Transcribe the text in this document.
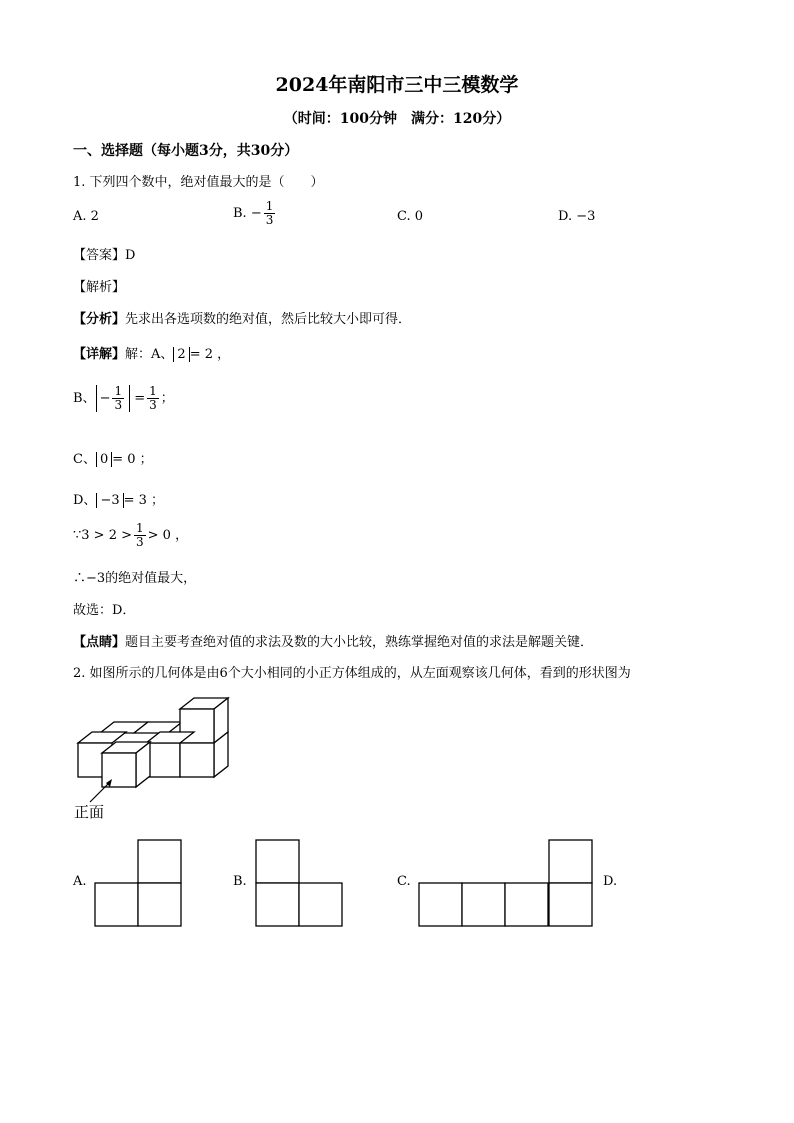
2024年南阳市三中三模数学
（时间：100分钟　满分：120分）
一、选择题（每小题3分，共30分）
1. 下列四个数中，绝对值最大的是（　　）
A. 2	B. − $\frac{1}{3}$	C. 0	D. −3
【答案】D
【解析】
【分析】先求出各选项数的绝对值，然后比较大小即可得．
【详解】解：A、 2 = 2 ，
B、 − $\frac{1}{3} = \frac{1}{3}$ ；
C、 0 = 0 ；
D、 −3 = 3 ；
∵3 > $2 > \frac{1}{3} > 0$ ，
∴−3的绝对值最大，
故选：D．
【点睛】题目主要考查绝对值的求法及数的大小比较，熟练掌握绝对值的求法是解题关键．
2. 如图所示的几何体是由6个大小相同的小正方体组成的，从左面观察该几何体，看到的形状图为
正面
A.	B.	C.	D.
